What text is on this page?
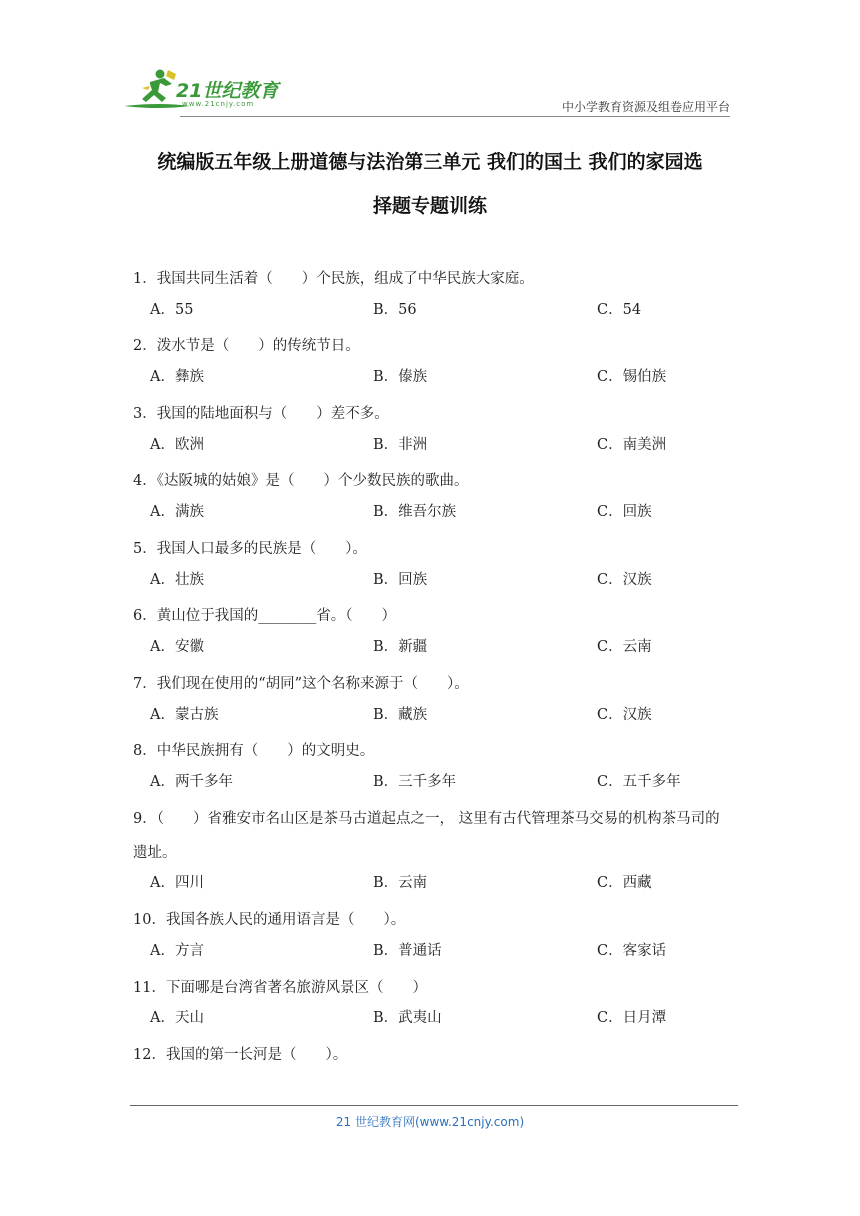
21世纪教育
www.21cnjy.com	中小学教育资源及组卷应用平台
统编版五年级上册道德与法治第三单元 我们的国土 我们的家园选
择题专题训练
1．我国共同生活着（　　）个民族，组成了中华民族大家庭。
A．55	B．56	C．54
2．泼水节是（　　）的传统节日。
A．彝族	B．傣族	C．锡伯族
3．我国的陆地面积与（　　）差不多。
A．欧洲	B．非洲	C．南美洲
4．《达阪城的姑娘》是（　　）个少数民族的歌曲。
A．满族	B．维吾尔族	C．回族
5．我国人口最多的民族是（　　）。
A．壮族	B．回族	C．汉族
6．黄山位于我国的________省。（　　）
A．安徽	B．新疆	C．云南
7．我们现在使用的“胡同”这个名称来源于（　　）。
A．蒙古族	B．藏族	C．汉族
8．中华民族拥有（　　）的文明史。
A．两千多年	B．三千多年	C．五千多年
9．（　　）省雅安市名山区是茶马古道起点之一， 这里有古代管理茶马交易的机构茶马司的遗址。
A．四川	B．云南	C．西藏
10．我国各族人民的通用语言是（　　）。
A．方言	B．普通话	C．客家话
11．下面哪是台湾省著名旅游风景区（　　）
A．天山	B．武夷山	C．日月潭
12．我国的第一长河是（　　）。
21 世纪教育网(www.21cnjy.com)
